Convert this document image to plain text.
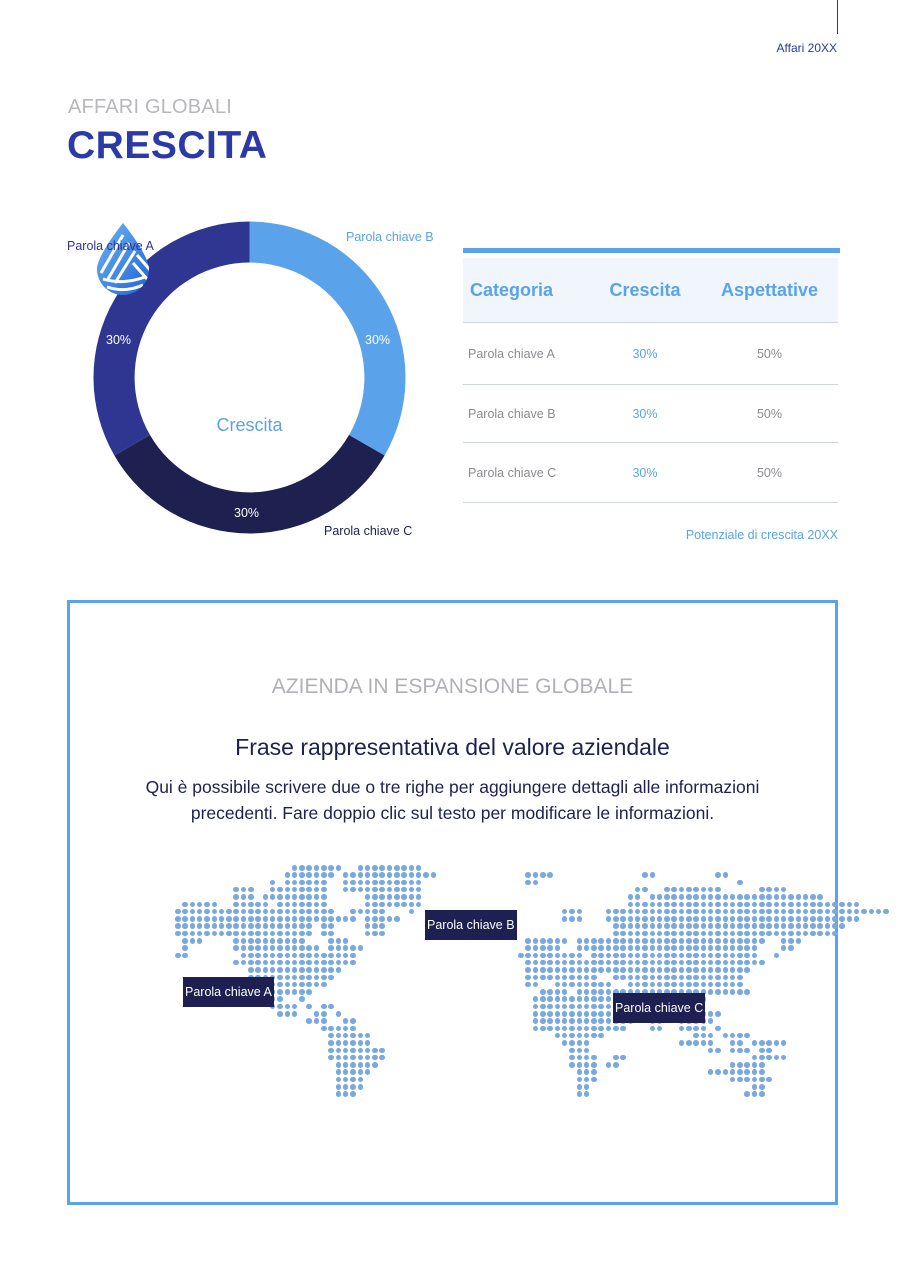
Affari 20XX
AFFARI GLOBALI
CRESCITA
30%	30%
30%
Crescita
Parola chiave A
Parola chiave B
Parola chiave C
Categoria	Crescita	Aspettative
Parola chiave A	30%	50%
Parola chiave B	30%	50%
Parola chiave C	30%	50%
Potenziale di crescita 20XX
AZIENDA IN ESPANSIONE GLOBALE
Frase rappresentativa del valore aziendale
Qui è possibile scrivere due o tre righe per aggiungere dettagli alle informazioni precedenti. Fare doppio clic sul testo per modificare le informazioni.
Parola chiave A
Parola chiave B
Parola chiave C
